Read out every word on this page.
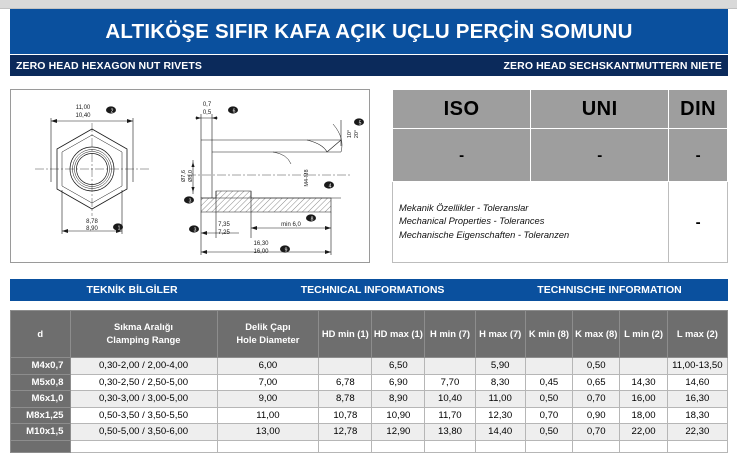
ALTIKÖŞE SIFIR KAFA AÇIK UÇLU PERÇİN SOMUNU
ZERO HEAD HEXAGON NUT RIVETS	ZERO HEAD SECHSKANTMUTTERN NIETE
11,00
10,40
2
8,78
8,90	1
0,7
0,5	6
10° 20°
5
M4-M8	4
Ø7,6 Ø8,0
3
min 6,0
8
7,35
7,25
3
16,30
16,00	9
ISO	UNI	DIN
-	-	-

Mekanik Özellikler - Toleranslar
Mechanical Properties - Tolerances
Mechanische Eigenschaften - Toleranzen		-
TEKNİK BİLGİLER	TECHNICAL INFORMATIONS	TECHNISCHE INFORMATION
d

Sıkma Aralığı
Clamping Range

Delik Çapı
Hole Diameter
	HD min (1)	HD max (1)	H min (7)	H max (7)	K min (8)	K max (8)	L min (2)	L max (2)
M4x0,7	0,30-2,00 / 2,00-4,00	6,00		6,50		5,90		0,50		11,00-13,50
M5x0,8	0,30-2,50 / 2,50-5,00	7,00	6,78	6,90	7,70	8,30	0,45	0,65	14,30	14,60
M6x1,0	0,30-3,00 / 3,00-5,00	9,00	8,78	8,90	10,40	11,00	0,50	0,70	16,00	16,30
M8x1,25	0,50-3,50 / 3,50-5,50	11,00	10,78	10,90	11,70	12,30	0,70	0,90	18,00	18,30
M10x1,5	0,50-5,00 / 3,50-6,00	13,00	12,78	12,90	13,80	14,40	0,50	0,70	22,00	22,30
